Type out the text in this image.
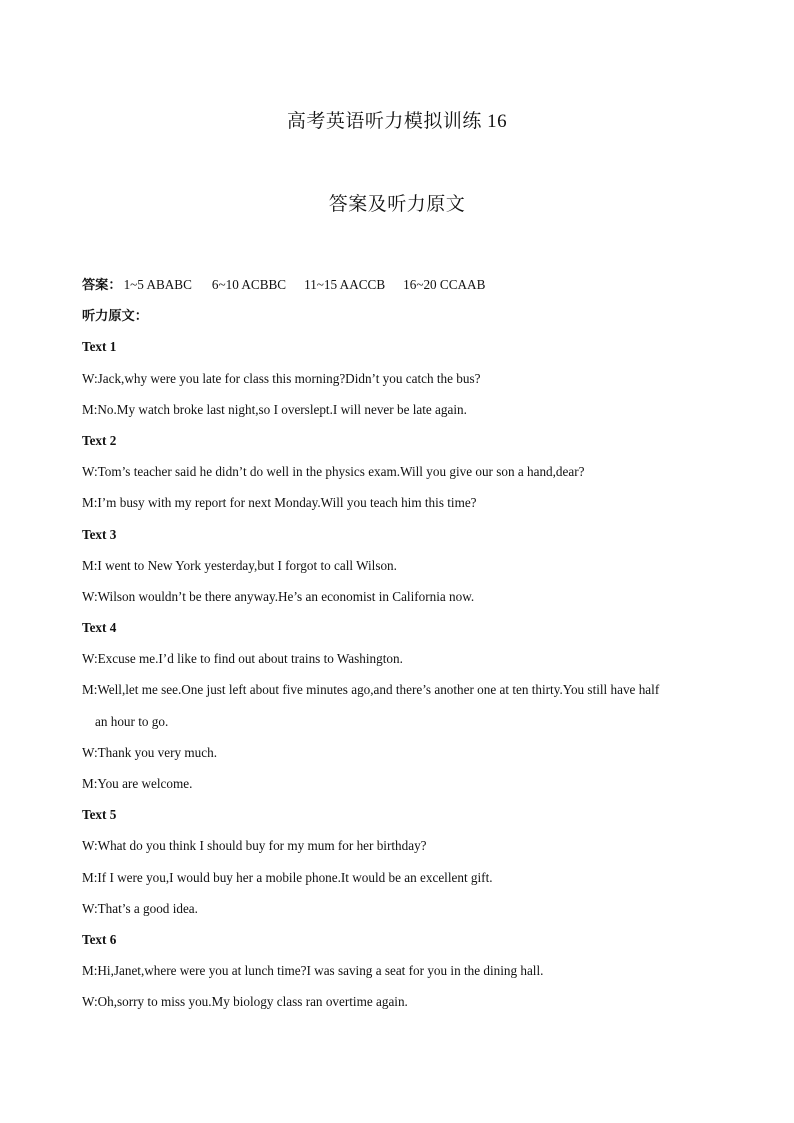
高考英语听力模拟训练 16
答案及听力原文
答案： 1~5 ABABC 6~10 ACBBC 11~15 AACCB 16~20 CCAAB
听力原文：
Text 1
W:Jack,why were you late for class this morning?Didn’t you catch the bus?
M:No.My watch broke last night,so I overslept.I will never be late again.
Text 2
W:Tom’s teacher said he didn’t do well in the physics exam.Will you give our son a hand,dear?
M:I’m busy with my report for next Monday.Will you teach him this time?
Text 3
M:I went to New York yesterday,but I forgot to call Wilson.
W:Wilson wouldn’t be there anyway.He’s an economist in California now.
Text 4
W:Excuse me.I’d like to find out about trains to Washington.
M:Well,let me see.One just left about five minutes ago,and there’s another one at ten thirty.You still have half
an hour to go.
W:Thank you very much.
M:You are welcome.
Text 5
W:What do you think I should buy for my mum for her birthday?
M:If I were you,I would buy her a mobile phone.It would be an excellent gift.
W:That’s a good idea.
Text 6
M:Hi,Janet,where were you at lunch time?I was saving a seat for you in the dining hall.
W:Oh,sorry to miss you.My biology class ran overtime again.
